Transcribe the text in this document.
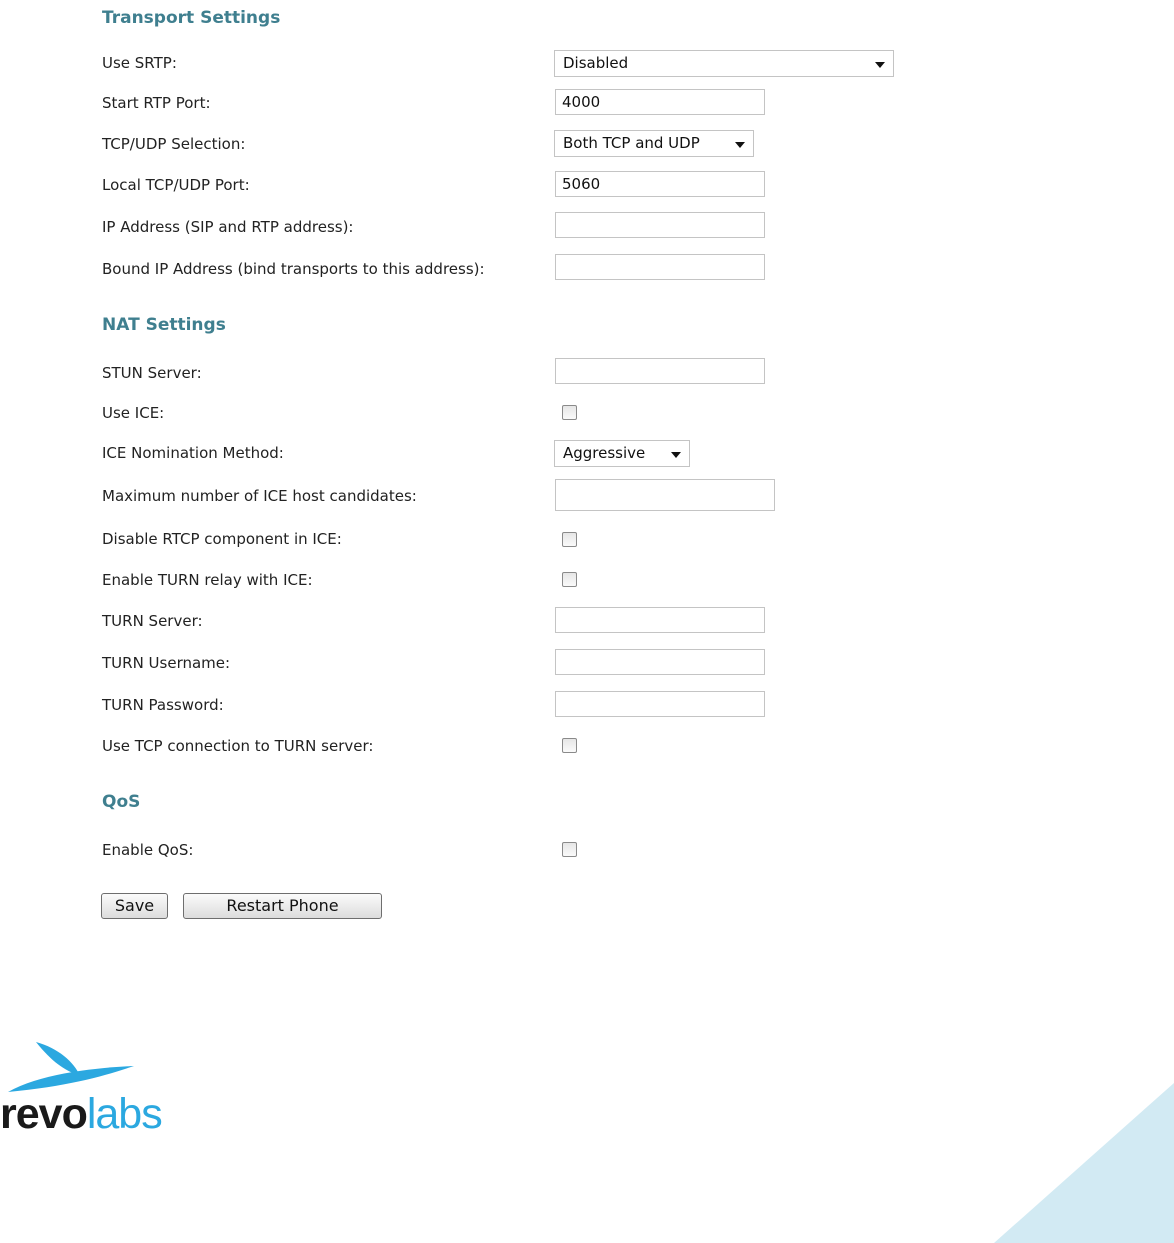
Transport Settings
Use SRTP:	Disabled
Start RTP Port:
4000
TCP/UDP Selection:	Both TCP and UDP
Local TCP/UDP Port:
5060
IP Address (SIP and RTP address):
Bound IP Address (bind transports to this address):
NAT Settings
STUN Server:
Use ICE:
ICE Nomination Method:	Aggressive
Maximum number of ICE host candidates:
Disable RTCP component in ICE:
Enable TURN relay with ICE:
TURN Server:
TURN Username:
TURN Password:
Use TCP connection to TURN server:
QoS
Enable QoS:
Save	Restart Phone
revolabs
